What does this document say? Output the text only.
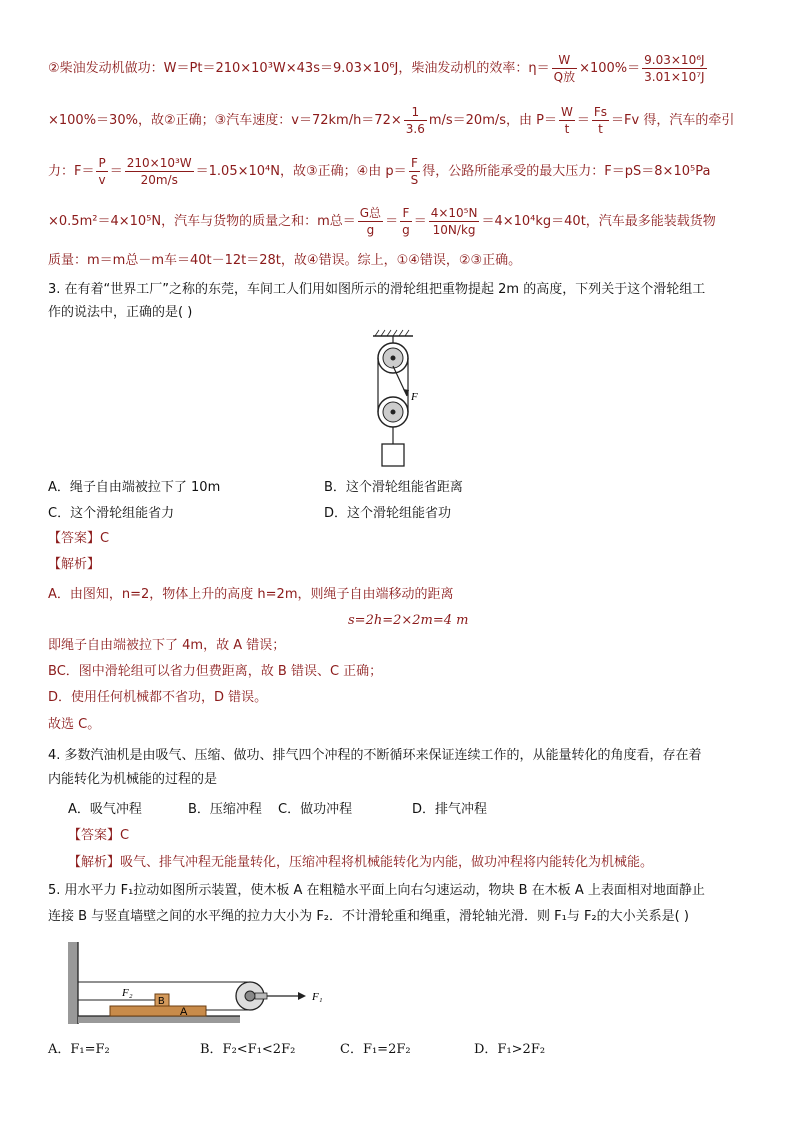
②柴油发动机做功：W＝Pt＝210×10³W×43s＝9.03×10⁶J，柴油发动机的效率：$\eta= \frac{W}{\text{Q放}} \times 100\%= \frac{\text{9.03×10⁶J}}{\text{3.01×10⁷J}}$
×100%＝30%，故②正确；③汽车速度：$v=72km/h=72\times \frac{1}{3.6} m/s=20m/s$，由 $P= \frac{W}{t} = \frac{Fs}{t} =Fv$ 得，汽车的牵引
力：$F= \frac{P}{v} = \frac{\text{210×10³W}}{20m/s} =1.05\times 10^4N$，故③正确；④由 $p= \frac{F}{S}$ 得，公路所能承受的最大压力：F＝pS＝8×10⁵Pa
×0.5m²＝4×10⁵N，汽车与货物的质量之和：m总＝ $\frac{\text{G总}}{g} = \frac{F}{g} = \frac{\text{4×10⁵N}}{10N/kg} =4\times 10^4kg=40t$，汽车最多能装载货物
质量：m＝m总－m车＝40t－12t＝28t，故④错误。综上，①④错误，②③正确。
3. 在有着“世界工厂”之称的东莞，车间工人们用如图所示的滑轮组把重物提起 2m 的高度，下列关于这个滑轮组工
作的说法中，正确的是( )
F
A．绳子自由端被拉下了 10m	B．这个滑轮组能省距离
C．这个滑轮组能省力	D．这个滑轮组能省功
【答案】C
【解析】
A．由图知，n=2，物体上升的高度 h=2m，则绳子自由端移动的距离
s=2h=2×2m=4 m
即绳子自由端被拉下了 4m，故 A 错误；
BC．图中滑轮组可以省力但费距离，故 B 错误、C 正确；
D．使用任何机械都不省功，D 错误。
故选 C。
4. 多数汽油机是由吸气、压缩、做功、排气四个冲程的不断循环来保证连续工作的，从能量转化的角度看，存在着
内能转化为机械能的过程的是
A．吸气冲程	B．压缩冲程 C．做功冲程	D．排气冲程
【答案】C
【解析】吸气、排气冲程无能量转化，压缩冲程将机械能转化为内能，做功冲程将内能转化为机械能。
5. 用水平力 F₁拉动如图所示装置，使木板 A 在粗糙水平面上向右匀速运动，物块 B 在木板 A 上表面相对地面静止
连接 B 与竖直墙壁之间的水平绳的拉力大小为 F₂．不计滑轮重和绳重，滑轮轴光滑．则 F₁与 F₂的大小关系是( )
A
B
F₂	F₁
A．F₁=F₂	B．F₂<F₁<2F₂	C．F₁=2F₂	D．F₁>2F₂
